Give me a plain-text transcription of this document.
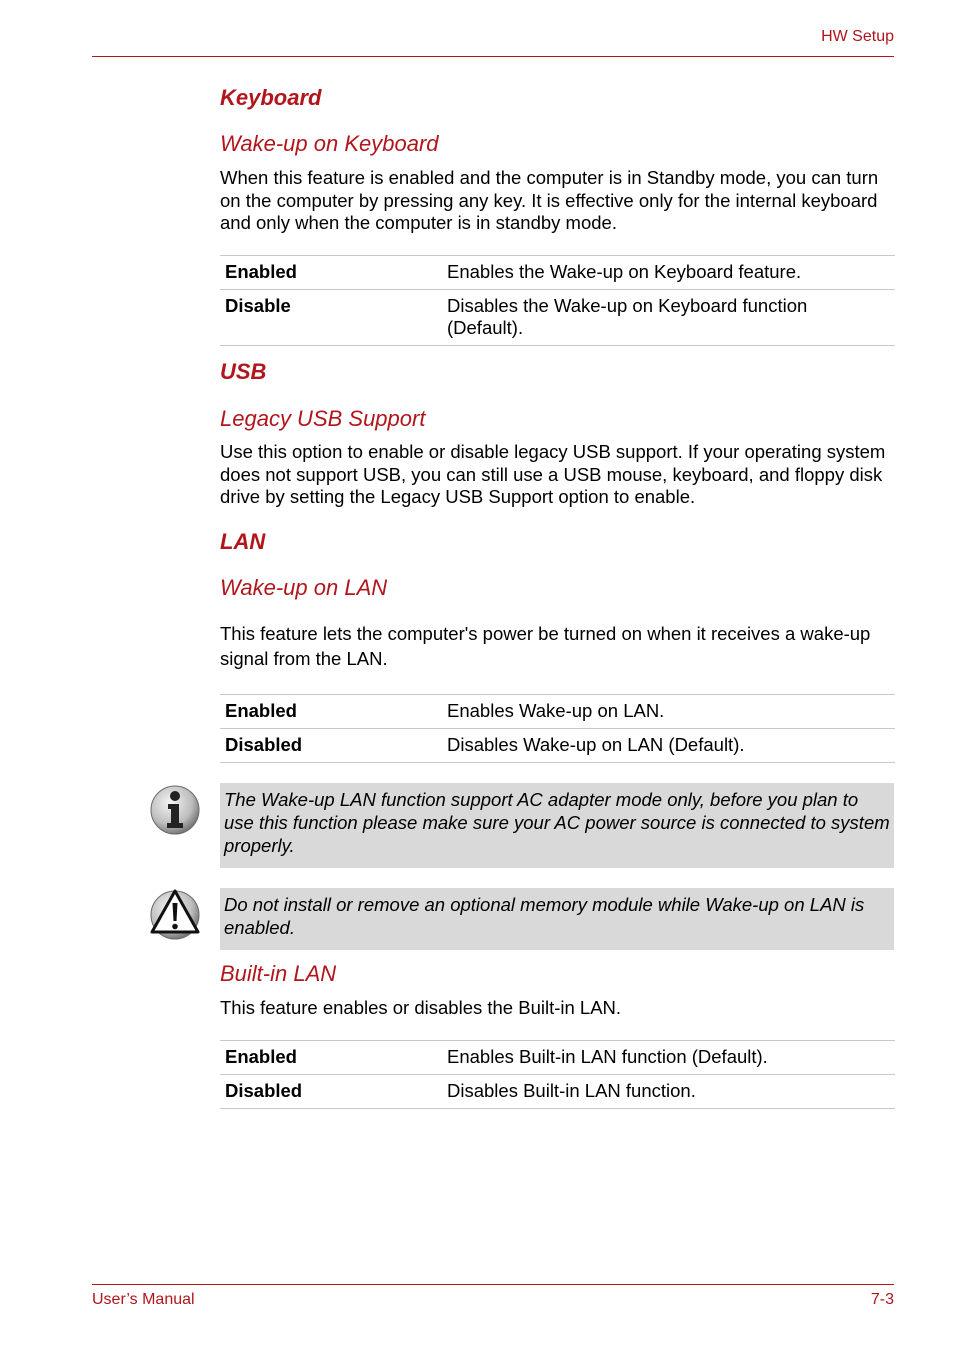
HW Setup
Keyboard
Wake-up on Keyboard
When this feature is enabled and the computer is in Standby mode, you can turn on the computer by pressing any key. It is effective only for the internal keyboard and only when the computer is in standby mode.
Enabled	Enables the Wake-up on Keyboard feature.
Disable	Disables the Wake-up on Keyboard function (Default).
USB
Legacy USB Support
Use this option to enable or disable legacy USB support. If your operating system does not support USB, you can still use a USB mouse, keyboard, and floppy disk drive by setting the Legacy USB Support option to enable.
LAN
Wake-up on LAN
This feature lets the computer's power be turned on when it receives a wake-up signal from the LAN.
Enabled	Enables Wake-up on LAN.
Disabled	Disables Wake-up on LAN (Default).
The Wake-up LAN function support AC adapter mode only, before you plan to use this function please make sure your AC power source is connected to system properly.
Do not install or remove an optional memory module while Wake-up on LAN is enabled.
Built-in LAN
This feature enables or disables the Built-in LAN.
Enabled	Enables Built-in LAN function (Default).
Disabled	Disables Built-in LAN function.
User’s Manual	7-3
